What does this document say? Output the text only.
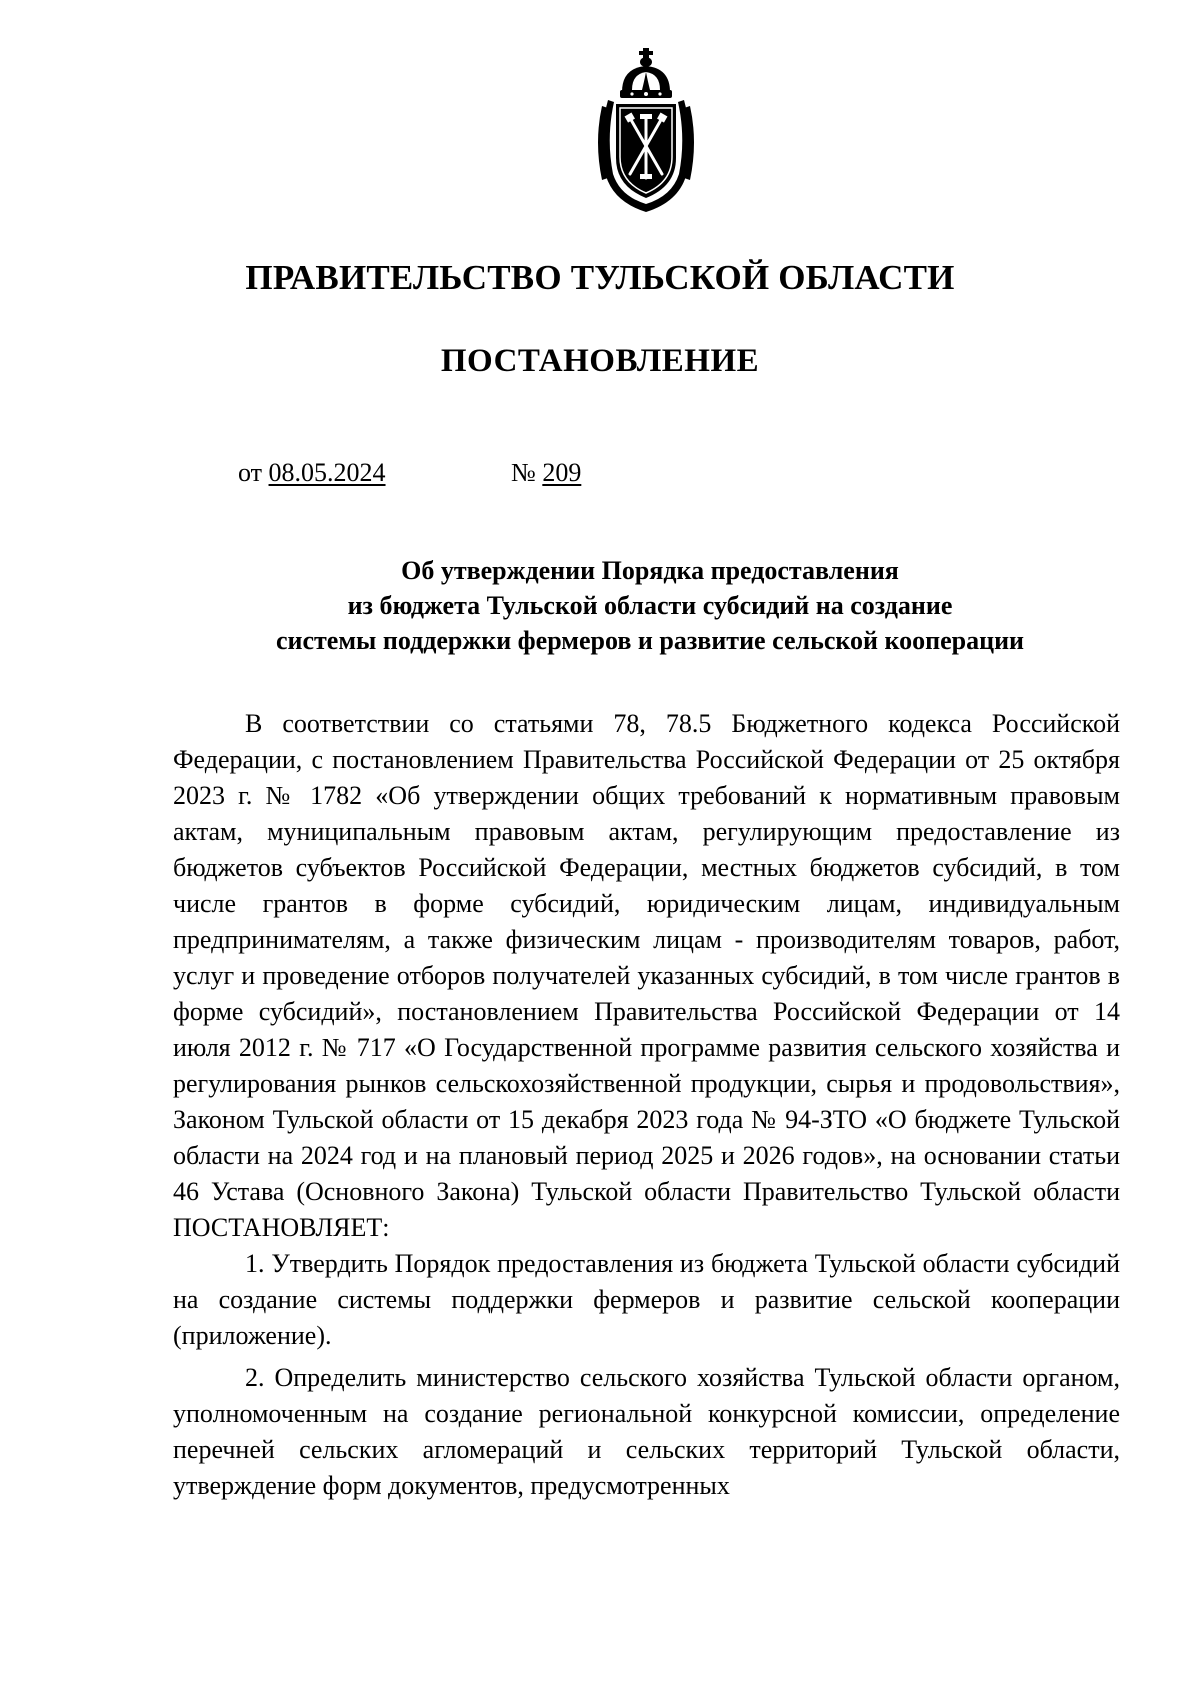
ПРАВИТЕЛЬСТВО ТУЛЬСКОЙ ОБЛАСТИ
ПОСТАНОВЛЕНИЕ
от 08.05.2024	№ 209
Об утверждении Порядка предоставления
из бюджета Тульской области субсидий на создание
системы поддержки фермеров и развитие сельской кооперации

В соответствии со статьями 78, 78.5 Бюджетного кодекса Российской Федерации, с постановлением Правительства Российской Федерации от 25 октября 2023 г. № 1782 «Об утверждении общих требований к нормативным правовым актам, муниципальным правовым актам, регулирующим предоставление из бюджетов субъектов Российской Федерации, местных бюджетов субсидий, в том числе грантов в форме субсидий, юридическим лицам, индивидуальным предпринимателям, а также физическим лицам - производителям товаров, работ, услуг и проведение отборов получателей указанных субсидий, в том числе грантов в форме субсидий», постановлением Правительства Российской Федерации от 14 июля 2012 г. № 717 «О Государственной программе развития сельского хозяйства и регулирования рынков сельскохозяйственной продукции, сырья и продовольствия», Законом Тульской области от 15 декабря 2023 года № 94-ЗТО «О бюджете Тульской области на 2024 год и на плановый период 2025 и 2026 годов», на основании статьи 46 Устава (Основного Закона) Тульской области Правительство Тульской области ПОСТАНОВЛЯЕТ:

1. Утвердить Порядок предоставления из бюджета Тульской области субсидий на создание системы поддержки фермеров и развитие сельской кооперации (приложение).

2. Определить министерство сельского хозяйства Тульской области органом, уполномоченным на создание региональной конкурсной комиссии, определение перечней сельских агломераций и сельских территорий Тульской области, утверждение форм документов, предусмотренных
